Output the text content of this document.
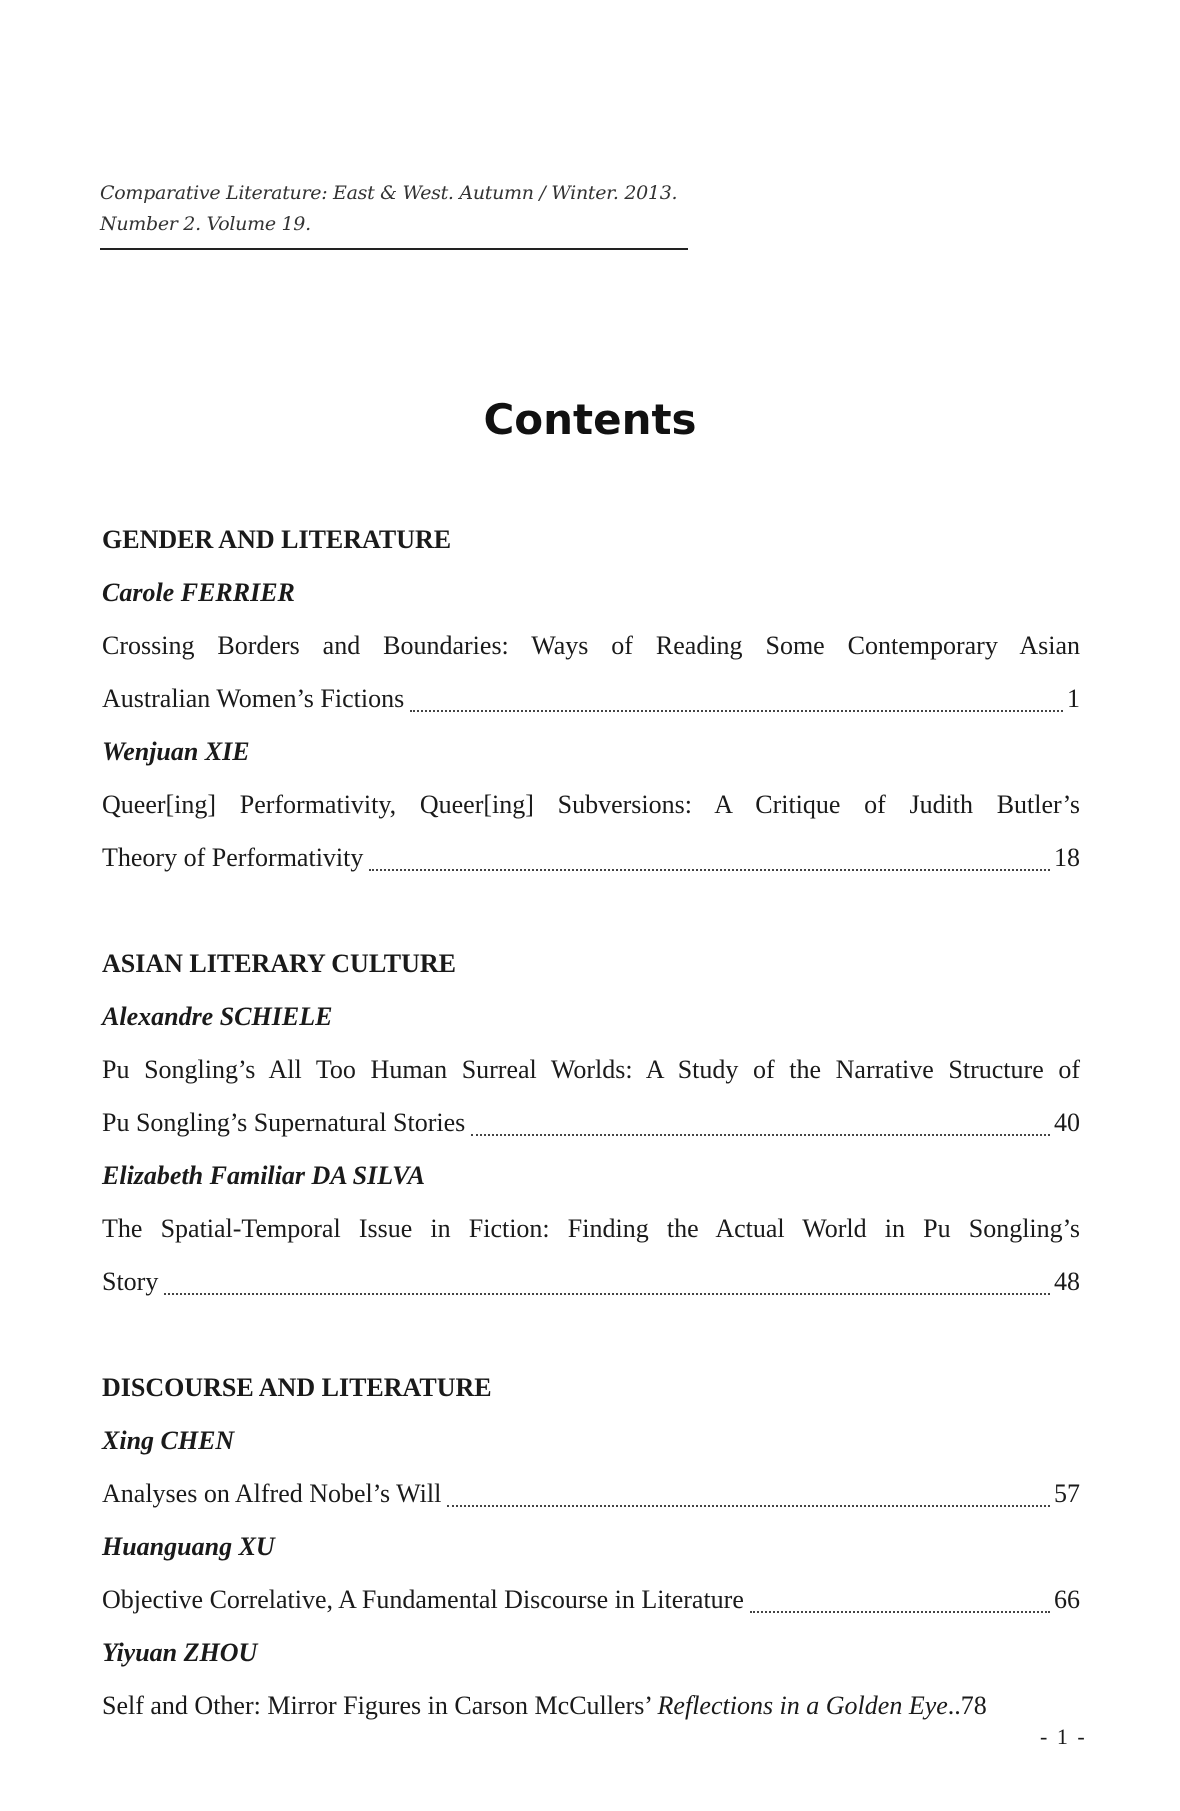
Comparative Literature: East & West. Autumn / Winter. 2013.
Number 2. Volume 19.
Contents
GENDER AND LITERATURE
Carole FERRIER
Crossing Borders and Boundaries: Ways of Reading Some Contemporary Asian
Australian Women’s Fictions	1
Wenjuan XIE
Queer[ing] Performativity, Queer[ing] Subversions: A Critique of Judith Butler’s
Theory of Performativity	18
ASIAN LITERARY CULTURE
Alexandre SCHIELE
Pu Songling’s All Too Human Surreal Worlds: A Study of the Narrative Structure of
Pu Songling’s Supernatural Stories	40
Elizabeth Familiar DA SILVA
The Spatial-Temporal Issue in Fiction: Finding the Actual World in Pu Songling’s
Story	48
DISCOURSE AND LITERATURE
Xing CHEN
Analyses on Alfred Nobel’s Will	57
Huanguang XU
Objective Correlative, A Fundamental Discourse in Literature	66
Yiyuan ZHOU
Self and Other: Mirror Figures in Carson McCullers’ Reflections in a Golden Eye .. 78
- 1 -
